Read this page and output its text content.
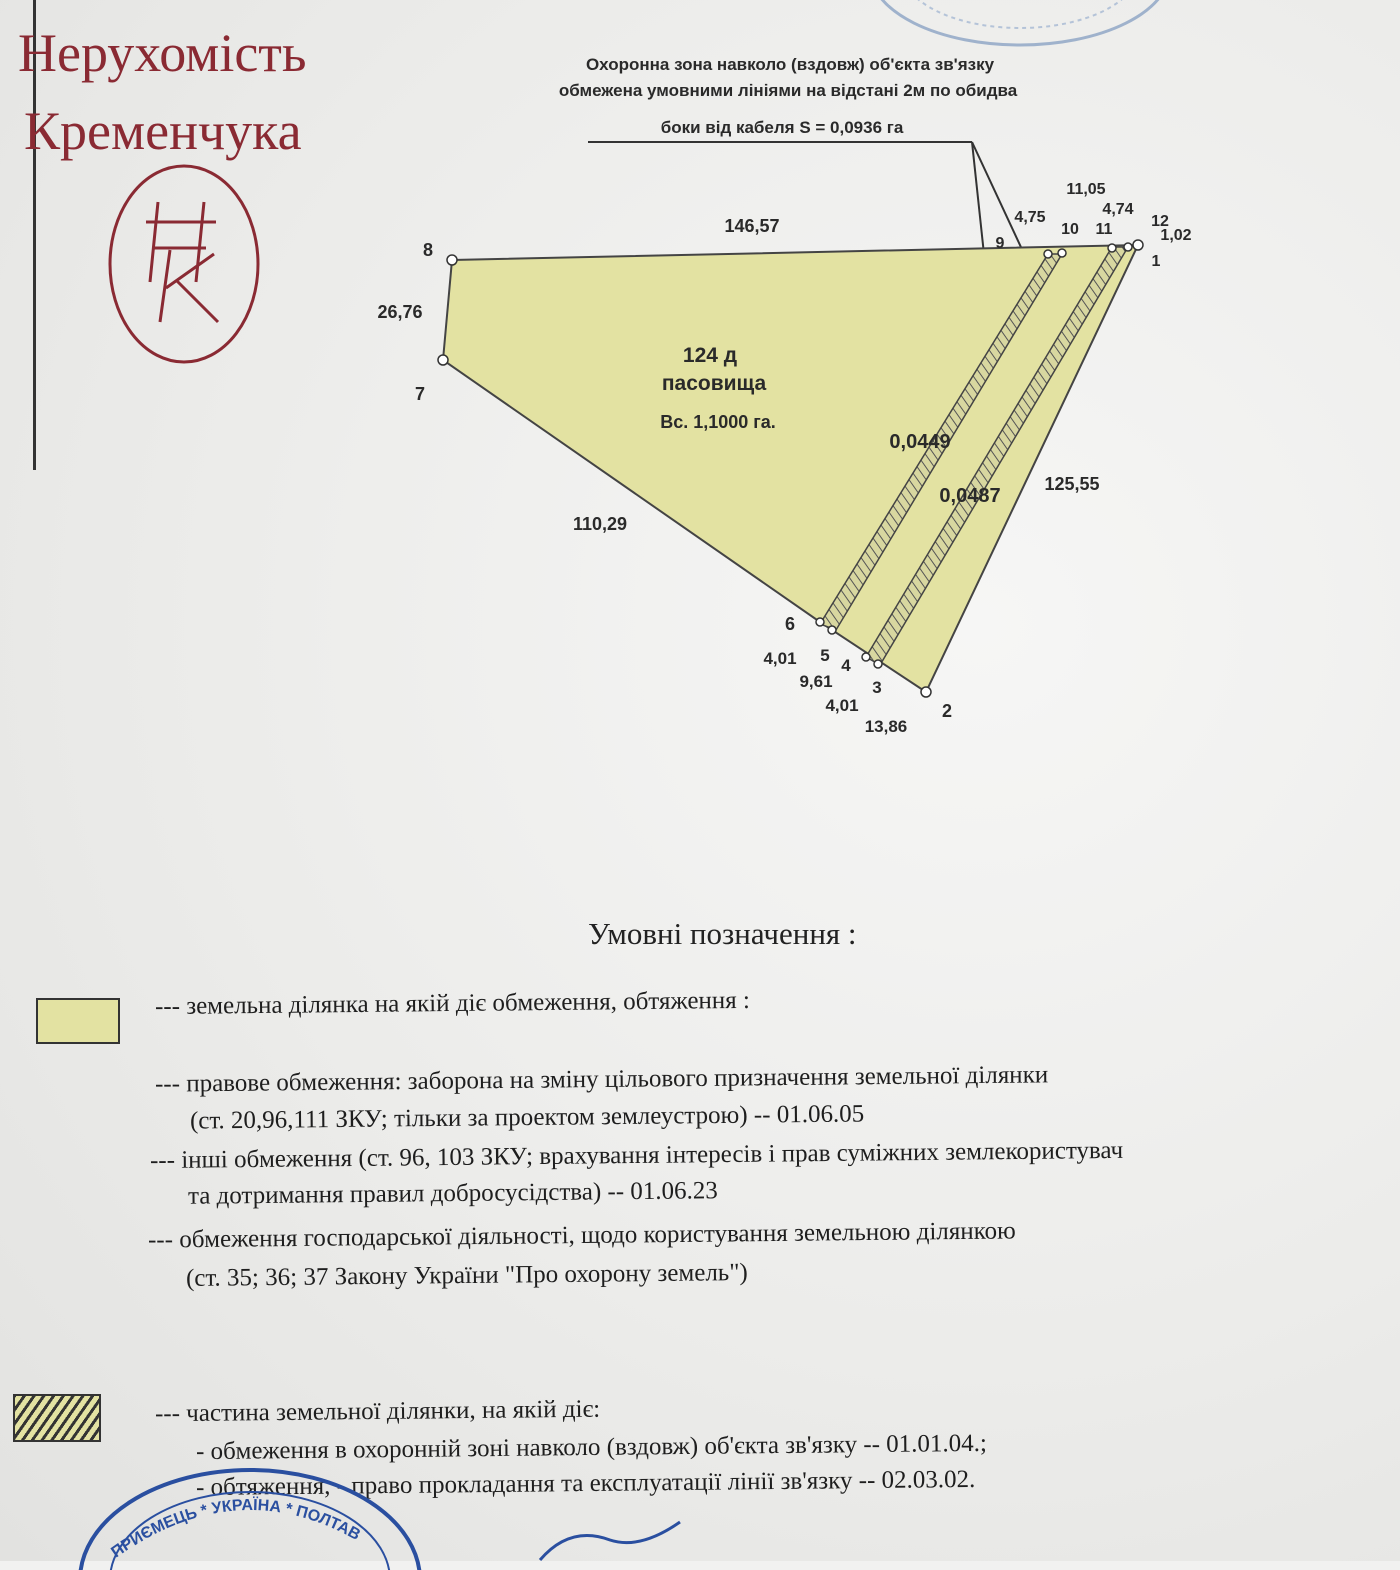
Охоронна зона навколо (вздовж) об'єкта зв'язку
обмежена умовними лініями на відстані 2м по обидва
боки від кабеля S = 0,0936 га
124 д
пасовища
Вс. 1,1000 га.
0,0449
0,0487
146,57
26,76
110,29
125,55
4,75
11,05
4,74
1,02
4,01
9,61
4,01
13,86
1
2
3
4
5
6
7
8	9
10 11 12
Нерухомість
Кременчука
Умовні позначення :
--- земельна ділянка на якій діє обмеження, обтяження :
--- правове обмеження: заборона на зміну цільового призначення земельної ділянки
(ст. 20,96,111 ЗКУ; тільки за проектом землеустрою) -- 01.06.05
--- інші обмеження (ст. 96, 103 ЗКУ; врахування інтересів і прав суміжних землекористувач
та дотримання правил добросусідства) -- 01.06.23
--- обмеження господарської діяльності, щодо користування земельною ділянкою
(ст. 35; 36; 37 Закону України "Про охорону земель")
--- частина земельної ділянки, на якій діє:
- обмеження в охоронній зоні навколо (вздовж) об'єкта зв'язку -- 01.01.04.;
- обтяження, - право прокладання та експлуатації лінії зв'язку -- 02.03.02.
ПРИЄМЕЦЬ * УКРАЇНА * ПОЛТАВ
